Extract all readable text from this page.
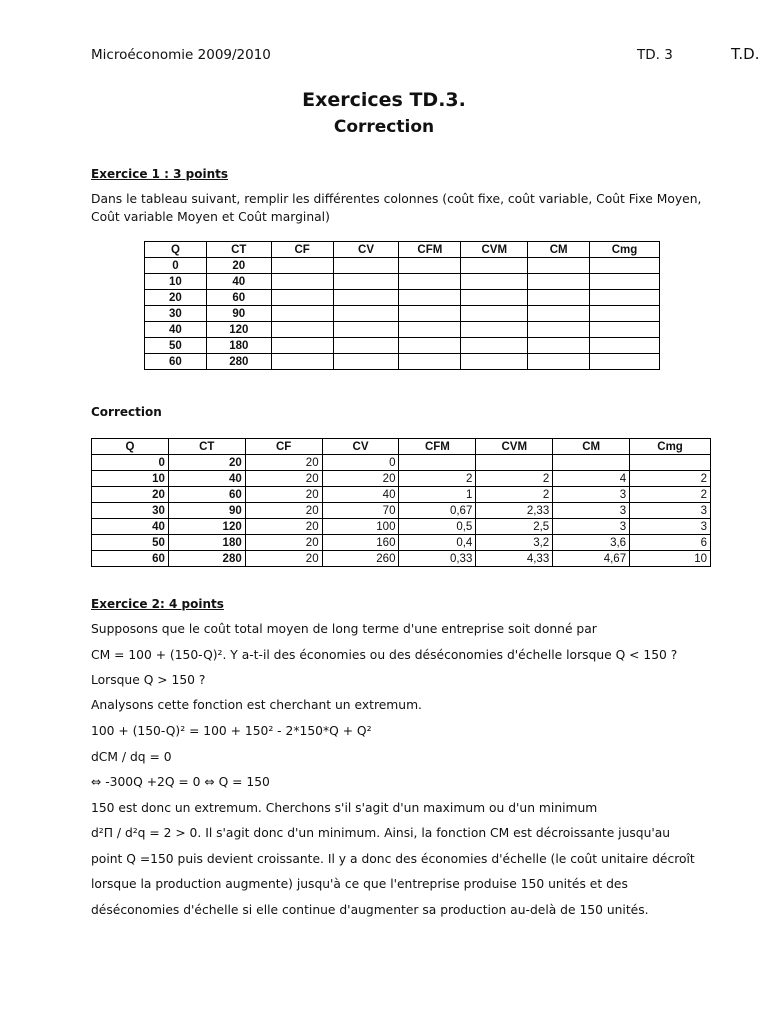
Microéconomie 2009/2010	TD. 3	T.D.
Exercices TD.3.
Correction
Exercice 1 : 3 points
Dans le tableau suivant, remplir les différentes colonnes (coût fixe, coût variable, Coût Fixe Moyen,
Coût variable Moyen et Coût marginal)
Q	CT	CF	CV	CFM	CVM	CM	Cmg
0	20						
10	40						
20	60						
30	90						
40	120						
50	180						
60	280						
Correction
Q	CT	CF	CV	CFM	CVM	CM	Cmg
0	20	20	0				
10	40	20	20	2	2	4	2
20	60	20	40	1	2	3	2
30	90	20	70	0,67	2,33	3	3
40	120	20	100	0,5	2,5	3	3
50	180	20	160	0,4	3,2	3,6	6
60	280	20	260	0,33	4,33	4,67	10
Exercice 2: 4 points
Supposons que le coût total moyen de long terme d'une entreprise soit donné par
CM = 100 + (150-Q)². Y a-t-il des économies ou des déséconomies d'échelle lorsque Q < 150 ?
Lorsque Q > 150 ?
Analysons cette fonction est cherchant un extremum.
100 + (150-Q)² = 100 + 150² - 2*150*Q + Q²
dCM / dq = 0
⇔ -300Q +2Q = 0 ⇔ Q = 150
150 est donc un extremum. Cherchons s'il s'agit d'un maximum ou d'un minimum
d²Π / d²q = 2 > 0. Il s'agit donc d'un minimum. Ainsi, la fonction CM est décroissante jusqu'au
point Q =150 puis devient croissante. Il y a donc des économies d'échelle (le coût unitaire décroît
lorsque la production augmente) jusqu'à ce que l'entreprise produise 150 unités et des
déséconomies d'échelle si elle continue d'augmenter sa production au-delà de 150 unités.
